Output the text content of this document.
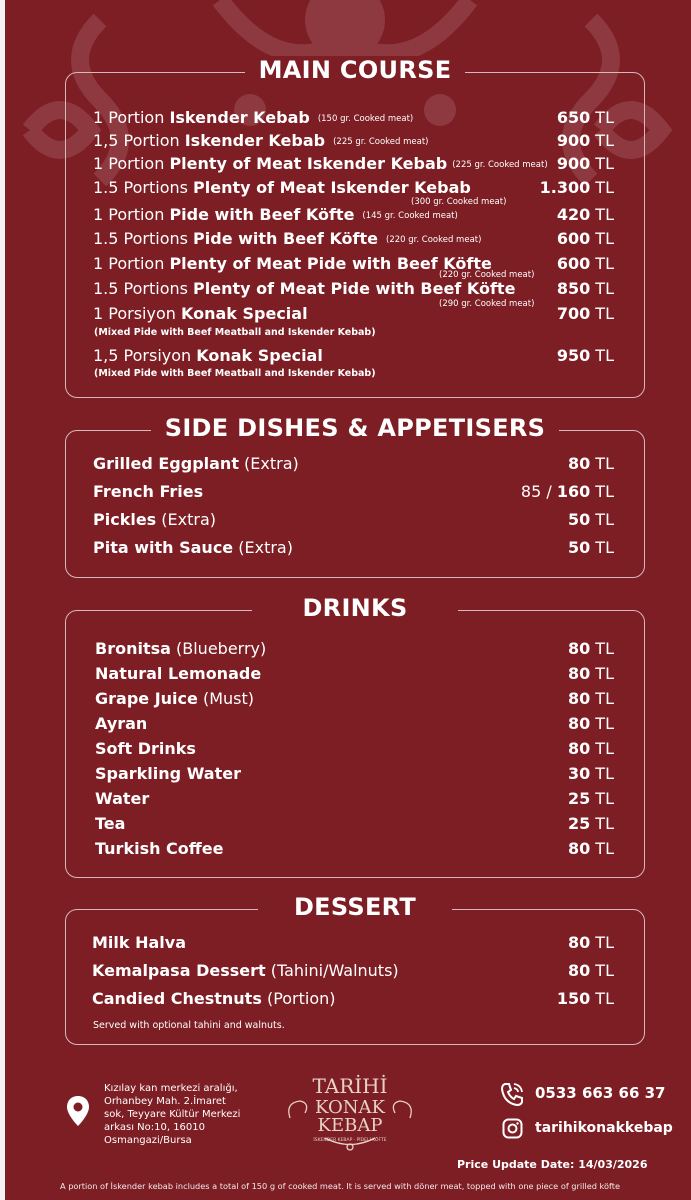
MAIN COURSE
1 Portion Iskender Kebab (150 gr. Cooked meat)	650 TL
1,5 Portion Iskender Kebab (225 gr. Cooked meat)	900 TL
1 Portion Plenty of Meat Iskender Kebab (225 gr. Cooked meat) 900 TL
1.5 Portions Plenty of Meat Iskender Kebab	1.300 TL
(300 gr. Cooked meat)
1 Portion Pide with Beef Köfte (145 gr. Cooked meat)	420 TL
1.5 Portions Pide with Beef Köfte (220 gr. Cooked meat)	600 TL
1 Portion Plenty of Meat Pide with Beef Köfte	600 TL
(220 gr. Cooked meat)
1.5 Portions Plenty of Meat Pide with Beef Köfte	850 TL
(290 gr. Cooked meat)
1 Porsiyon Konak Special	700 TL
(Mixed Pide with Beef Meatball and Iskender Kebab)
1,5 Porsiyon Konak Special	950 TL
(Mixed Pide with Beef Meatball and Iskender Kebab)
SIDE DISHES & APPETISERS
Grilled Eggplant (Extra)	80 TL
French Fries	85 / 160 TL
Pickles (Extra)	50 TL
Pita with Sauce (Extra)	50 TL
DRINKS
Bronitsa (Blueberry)	80 TL
Natural Lemonade	80 TL
Grape Juice (Must)	80 TL
Ayran	80 TL
Soft Drinks	80 TL
Sparkling Water	30 TL
Water	25 TL
Tea	25 TL
Turkish Coffee	80 TL
DESSERT
Milk Halva	80 TL
Kemalpasa Dessert (Tahini/Walnuts)	80 TL
Candied Chestnuts (Portion)	150 TL
Served with optional tahini and walnuts.
Kızılay kan merkezi aralığı,
Orhanbey Mah. 2.İmaret
sok, Teyyare Kültür Merkezi
arkası No:10, 16010
Osmangazi/Bursa
TARİHİ
KONAK
KEBAP
İSKENDER KEBAP · PİDELİ KÖFTE
0533 663 66 37
tarihikonakkebap
Price Update Date: 14/03/2026
A portion of İskender kebab includes a total of 150 g of cooked meat. It is served with döner meat, topped with one piece of grilled köfte
